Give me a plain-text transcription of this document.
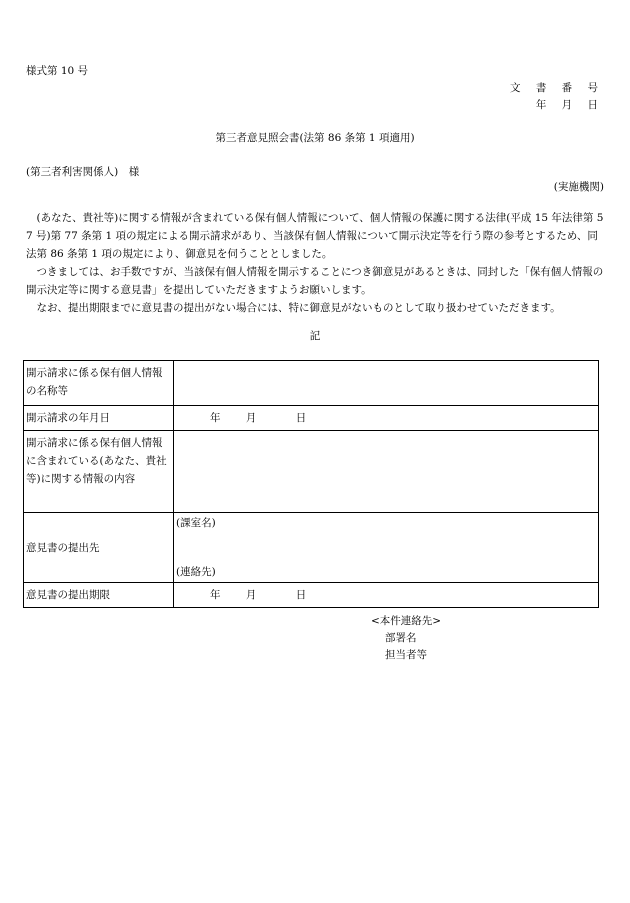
様式第 10 号
文 書 番 号
年 月 日
第三者意見照会書(法第 86 条第 1 項適用)
(第三者利害関係人)　様
(実施機関)

(あなた、貴社等)に関する情報が含まれている保有個人情報について、個人情報の保護に関する法律(平成 15 年法律第 57 号)第 77 条第 1 項の規定による開示請求があり、当該保有個人情報について開示決定等を行う際の参考とするため、同法第 86 条第 1 項の規定により、御意見を伺うこととしました。

つきましては、お手数ですが、当該保有個人情報を開示することにつき御意見があるときは、同封した「保有個人情報の開示決定等に関する意見書」を提出していただきますようお願いします。

なお、提出期限までに意見書の提出がない場合には、特に御意見がないものとして取り扱わせていただきます。

記
開示請求に係る保有個人情報の名称等	
開示請求の年月日	年 月 日
開示請求に係る保有個人情報に含まれている(あなた、貴社等)に関する情報の内容	
意見書の提出先	(課室名)
(連絡先)

意見書の提出期限	年 月 日
<本件連絡先>
部署名
担当者等
